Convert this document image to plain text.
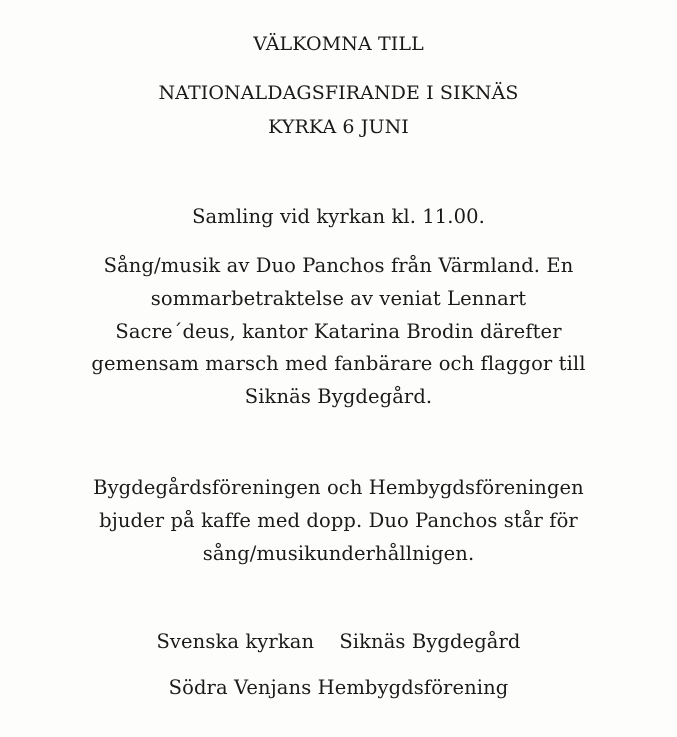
VÄLKOMNA TILL
NATIONALDAGSFIRANDE I SIKNÄS
KYRKA 6 JUNI
Samling vid kyrkan kl. 11.00.
Sång/musik av Duo Panchos från Värmland. En
sommarbetraktelse av veniat Lennart
Sacre´deus, kantor Katarina Brodin därefter
gemensam marsch med fanbärare och flaggor till
Siknäs Bygdegård.
Bygdegårdsföreningen och Hembygdsföreningen
bjuder på kaffe med dopp. Duo Panchos står för
sång/musikunderhållnigen.
Svenska kyrkan    Siknäs Bygdegård
Södra Venjans Hembygdsförening
